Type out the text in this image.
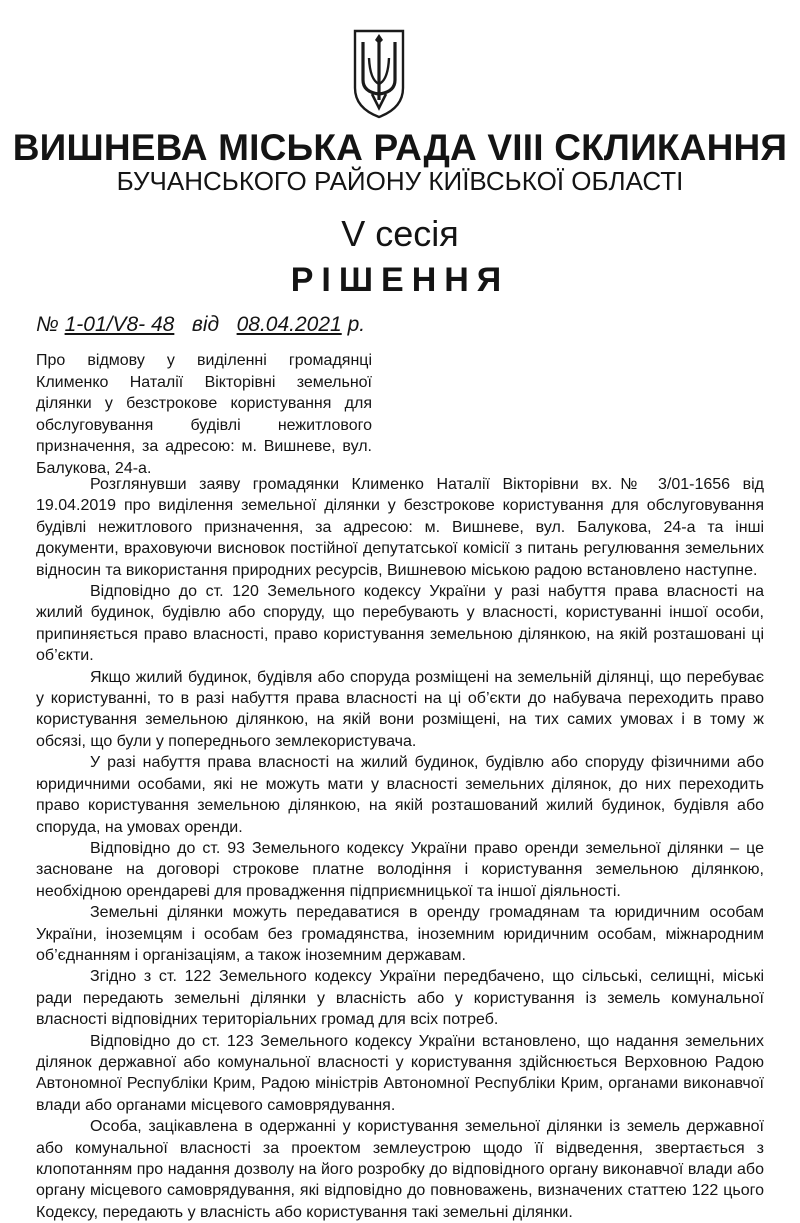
ВИШНЕВА МІСЬКА РАДА VIII СКЛИКАННЯ
БУЧАНСЬКОГО РАЙОНУ КИЇВСЬКОЇ ОБЛАСТІ
V сесія
РІШЕННЯ
№ 1-01/V8- 48 від 08.04.2021 р.
Про відмову у виділенні громадянці Клименко Наталії Вікторівні земельної ділянки у безстрокове користування для обслуговування будівлі нежитлового призначення, за адресою: м. Вишневе, вул. Балукова, 24-а.

Розглянувши заяву громадянки Клименко Наталії Вікторівни вх.№ 3/01-1656 від 19.04.2019 про виділення земельної ділянки у безстрокове користування для обслуговування будівлі нежитлового призначення, за адресою: м. Вишневе, вул. Балукова, 24-а та інші документи, враховуючи висновок постійної депутатської комісії з питань регулювання земельних відносин та використання природних ресурсів, Вишневою міською радою встановлено наступне.

Відповідно до ст. 120 Земельного кодексу України у разі набуття права власності на жилий будинок, будівлю або споруду, що перебувають у власності, користуванні іншої особи, припиняється право власності, право користування земельною ділянкою, на якій розташовані ці об’єкти.

Якщо жилий будинок, будівля або споруда розміщені на земельній ділянці, що перебуває у користуванні, то в разі набуття права власності на ці об’єкти до набувача переходить право користування земельною ділянкою, на якій вони розміщені, на тих самих умовах і в тому ж обсязі, що були у попереднього землекористувача.

У разі набуття права власності на жилий будинок, будівлю або споруду фізичними або юридичними особами, які не можуть мати у власності земельних ділянок, до них переходить право користування земельною ділянкою, на якій розташований жилий будинок, будівля або споруда, на умовах оренди.

Відповідно до ст. 93 Земельного кодексу України право оренди земельної ділянки – це засноване на договорі строкове платне володіння і користування земельною ділянкою, необхідною орендареві для провадження підприємницької та іншої діяльності.

Земельні ділянки можуть передаватися в оренду громадянам та юридичним особам України, іноземцям і особам без громадянства, іноземним юридичним особам, міжнародним об’єднанням і організаціям, а також іноземним державам.

Згідно з ст. 122 Земельного кодексу України передбачено, що сільські, селищні, міські ради передають земельні ділянки у власність або у користування із земель комунальної власності відповідних територіальних громад для всіх потреб.

Відповідно до ст. 123 Земельного кодексу України встановлено, що надання земельних ділянок державної або комунальної власності у користування здійснюється Верховною Радою Автономної Республіки Крим, Радою міністрів Автономної Республіки Крим, органами виконавчої влади або органами місцевого самоврядування.

Особа, зацікавлена в одержанні у користування земельної ділянки із земель державної або комунальної власності за проектом землеустрою щодо її відведення, звертається з клопотанням про надання дозволу на його розробку до відповідного органу виконавчої влади або органу місцевого самоврядування, які відповідно до повноважень, визначених статтею 122 цього Кодексу, передають у власність або користування такі земельні ділянки.
